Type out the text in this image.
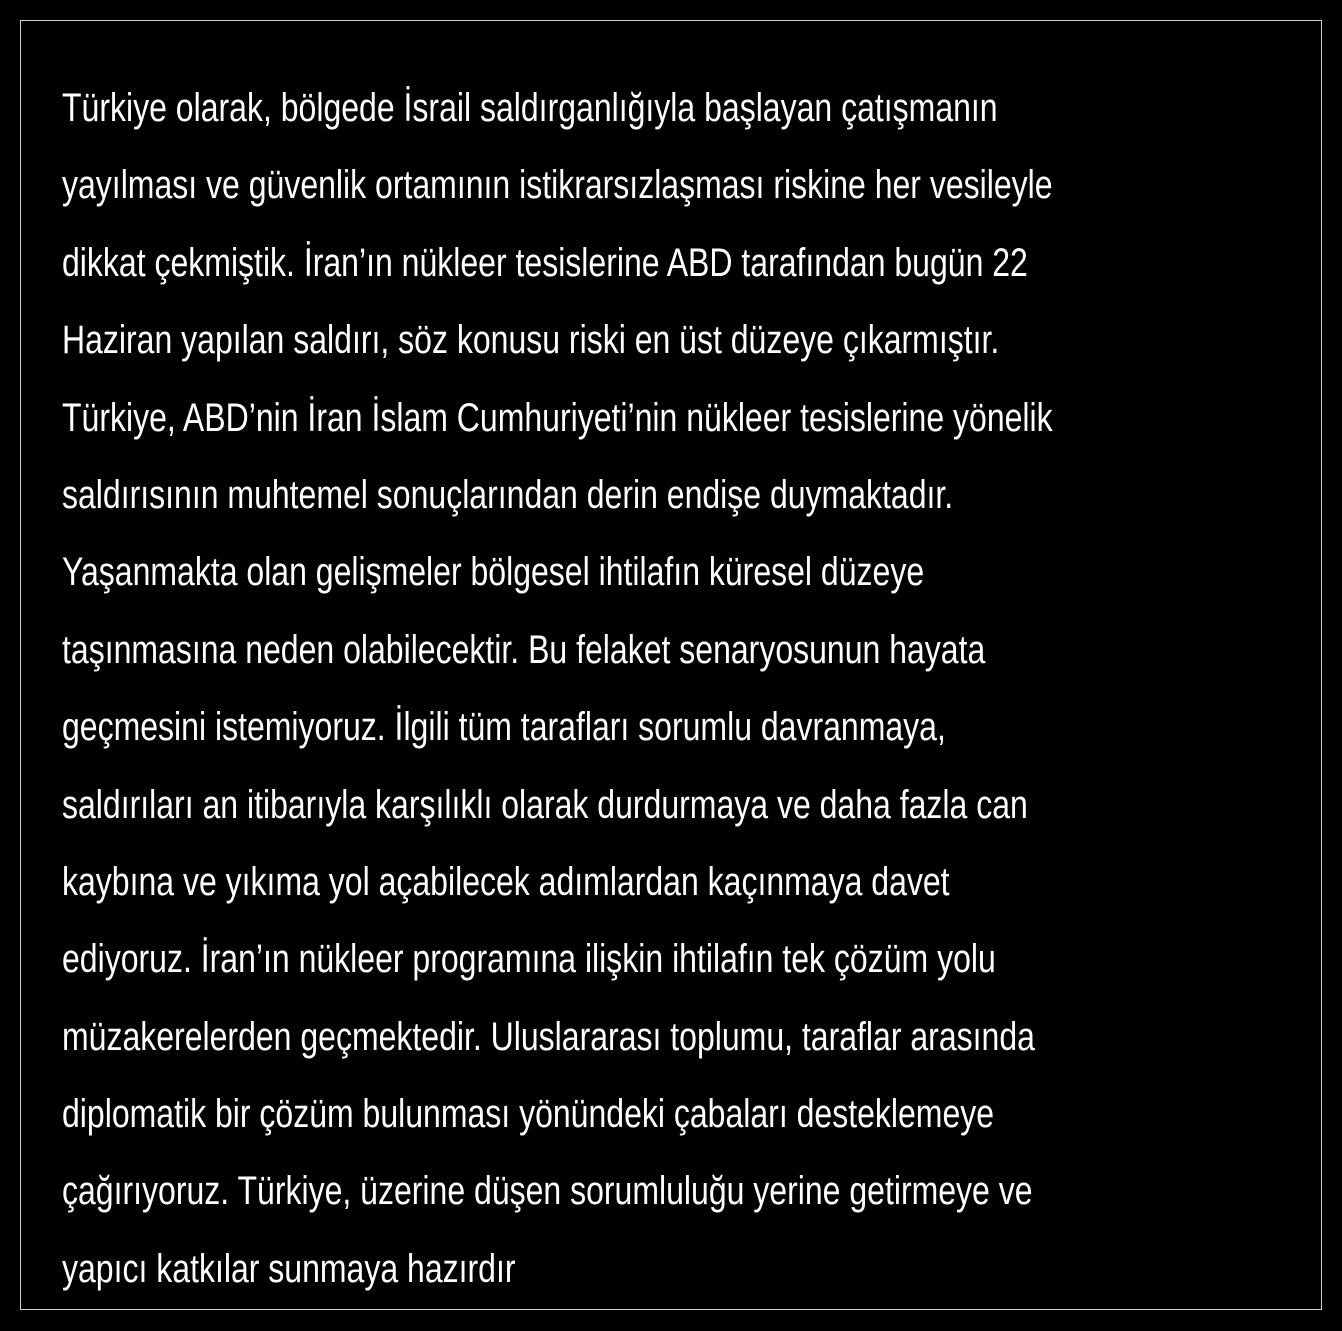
Türkiye olarak, bölgede İsrail saldırganlığıyla başlayan çatışmanın
yayılması ve güvenlik ortamının istikrarsızlaşması riskine her vesileyle
dikkat çekmiştik. İran’ın nükleer tesislerine ABD tarafından bugün 22
Haziran yapılan saldırı, söz konusu riski en üst düzeye çıkarmıştır.
Türkiye, ABD’nin İran İslam Cumhuriyeti’nin nükleer tesislerine yönelik
saldırısının muhtemel sonuçlarından derin endişe duymaktadır.
Yaşanmakta olan gelişmeler bölgesel ihtilafın küresel düzeye
taşınmasına neden olabilecektir. Bu felaket senaryosunun hayata
geçmesini istemiyoruz. İlgili tüm tarafları sorumlu davranmaya,
saldırıları an itibarıyla karşılıklı olarak durdurmaya ve daha fazla can
kaybına ve yıkıma yol açabilecek adımlardan kaçınmaya davet
ediyoruz. İran’ın nükleer programına ilişkin ihtilafın tek çözüm yolu
müzakerelerden geçmektedir. Uluslararası toplumu, taraflar arasında
diplomatik bir çözüm bulunması yönündeki çabaları desteklemeye
çağırıyoruz. Türkiye, üzerine düşen sorumluluğu yerine getirmeye ve
yapıcı katkılar sunmaya hazırdır
